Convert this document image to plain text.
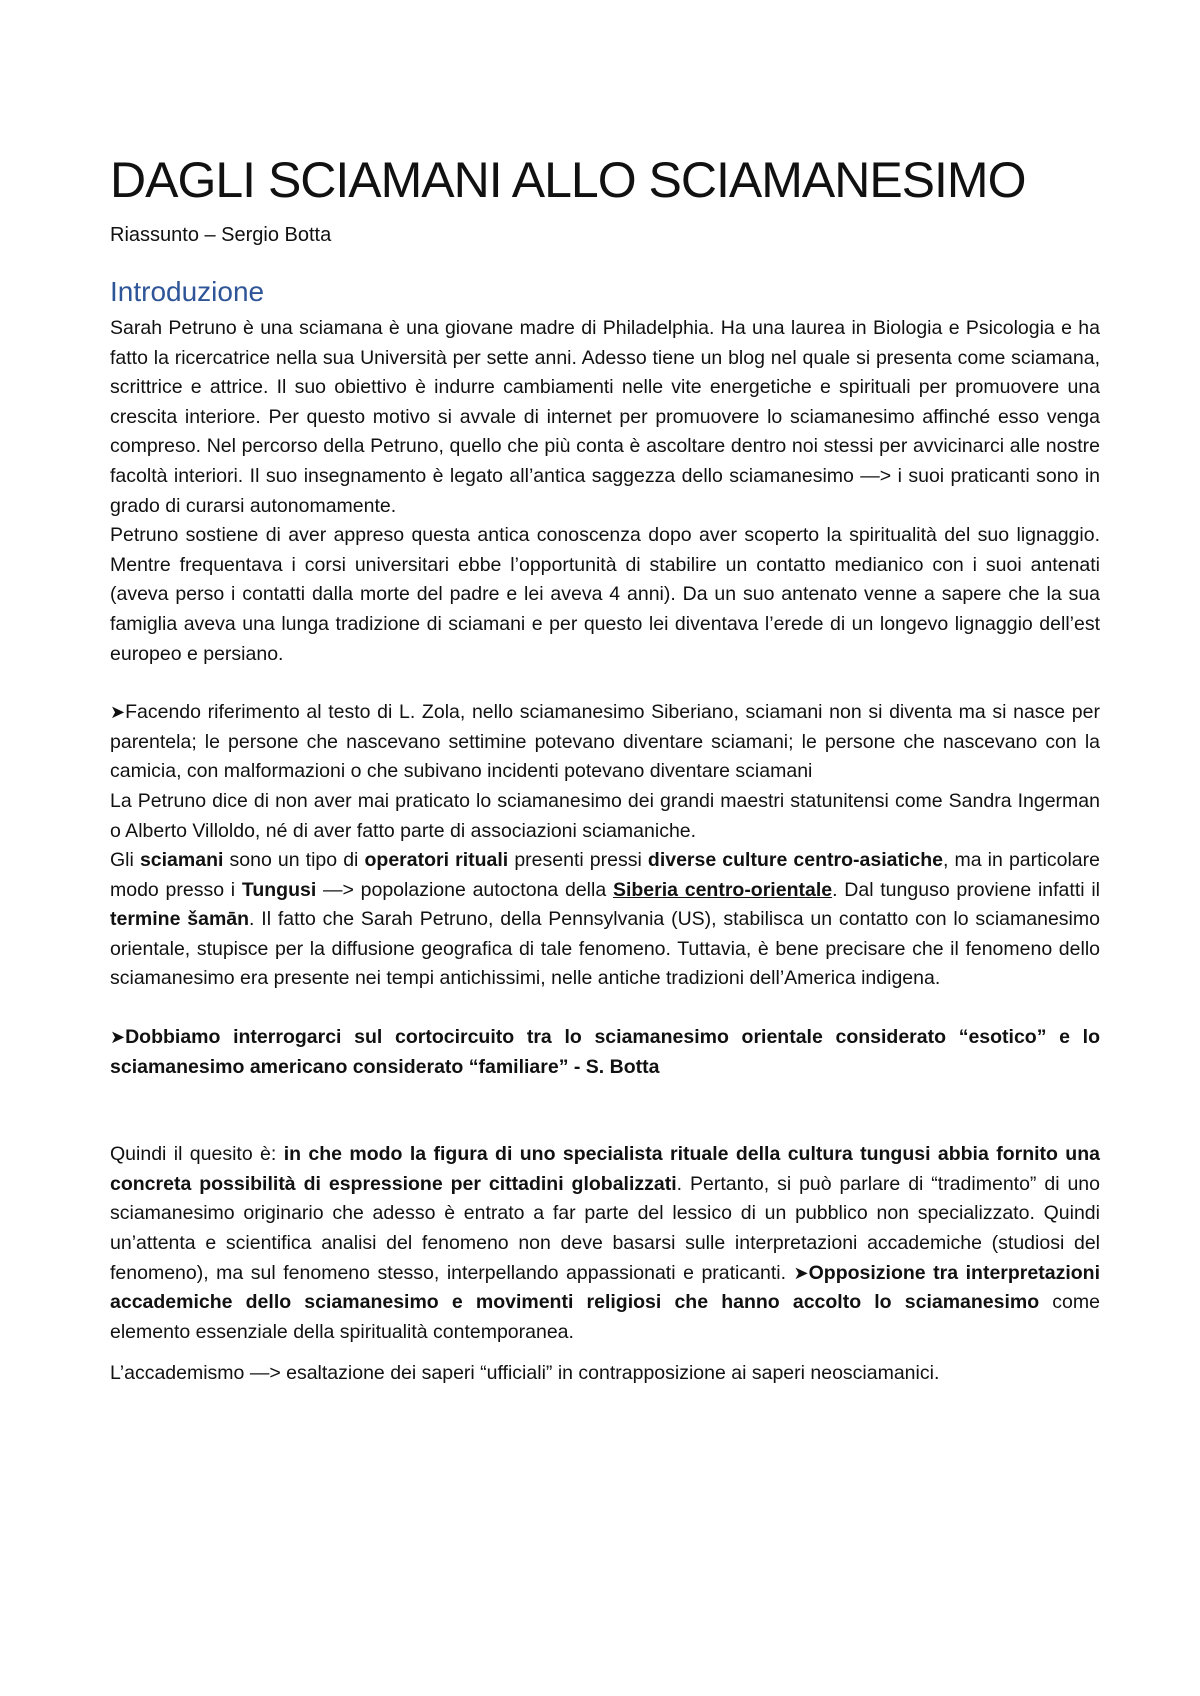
DAGLI SCIAMANI ALLO SCIAMANESIMO

Riassunto – Sergio Botta

Introduzione

Sarah Petruno è una sciamana è una giovane madre di Philadelphia. Ha una laurea in Biologia e Psicologia e ha fatto la ricercatrice nella sua Università per sette anni. Adesso tiene un blog nel quale si presenta come sciamana, scrittrice e attrice. Il suo obiettivo è indurre cambiamenti nelle vite energetiche e spirituali per promuovere una crescita interiore. Per questo motivo si avvale di internet per promuovere lo sciamanesimo affinché esso venga compreso. Nel percorso della Petruno, quello che più conta è ascoltare dentro noi stessi per avvicinarci alle nostre facoltà interiori. Il suo insegnamento è legato all’antica saggezza dello sciamanesimo —> i suoi praticanti sono in grado di curarsi autonomamente.

Petruno sostiene di aver appreso questa antica conoscenza dopo aver scoperto la spiritualità del suo lignaggio. Mentre frequentava i corsi universitari ebbe l’opportunità di stabilire un contatto medianico con i suoi antenati (aveva perso i contatti dalla morte del padre e lei aveva 4 anni). Da un suo antenato venne a sapere che la sua famiglia aveva una lunga tradizione di sciamani e per questo lei diventava l’erede di un longevo lignaggio dell’est europeo e persiano.

➤Facendo riferimento al testo di L. Zola, nello sciamanesimo Siberiano, sciamani non si diventa ma si nasce per parentela; le persone che nascevano settimine potevano diventare sciamani; le persone che nascevano con la camicia, con malformazioni o che subivano incidenti potevano diventare sciamani

La Petruno dice di non aver mai praticato lo sciamanesimo dei grandi maestri statunitensi come Sandra Ingerman o Alberto Villoldo, né di aver fatto parte di associazioni sciamaniche.

Gli sciamani sono un tipo di operatori rituali presenti pressi diverse culture centro-asiatiche, ma in particolare modo presso i Tungusi —> popolazione autoctona della Siberia centro-orientale. Dal tunguso proviene infatti il termine šamān. Il fatto che Sarah Petruno, della Pennsylvania (US), stabilisca un contatto con lo sciamanesimo orientale, stupisce per la diffusione geografica di tale fenomeno. Tuttavia, è bene precisare che il fenomeno dello sciamanesimo era presente nei tempi antichissimi, nelle antiche tradizioni dell’America indigena.

➤Dobbiamo interrogarci sul cortocircuito tra lo sciamanesimo orientale considerato “esotico” e lo sciamanesimo americano considerato “familiare” - S. Botta

Quindi il quesito è: in che modo la figura di uno specialista rituale della cultura tungusi abbia fornito una concreta possibilità di espressione per cittadini globalizzati. Pertanto, si può parlare di “tradimento” di uno sciamanesimo originario che adesso è entrato a far parte del lessico di un pubblico non specializzato. Quindi un’attenta e scientifica analisi del fenomeno non deve basarsi sulle interpretazioni accademiche (studiosi del fenomeno), ma sul fenomeno stesso, interpellando appassionati e praticanti. ➤Opposizione tra interpretazioni accademiche dello sciamanesimo e movimenti religiosi che hanno accolto lo sciamanesimo come elemento essenziale della spiritualità contemporanea.

L’accademismo —> esaltazione dei saperi “ufficiali” in contrapposizione ai saperi neosciamanici.
